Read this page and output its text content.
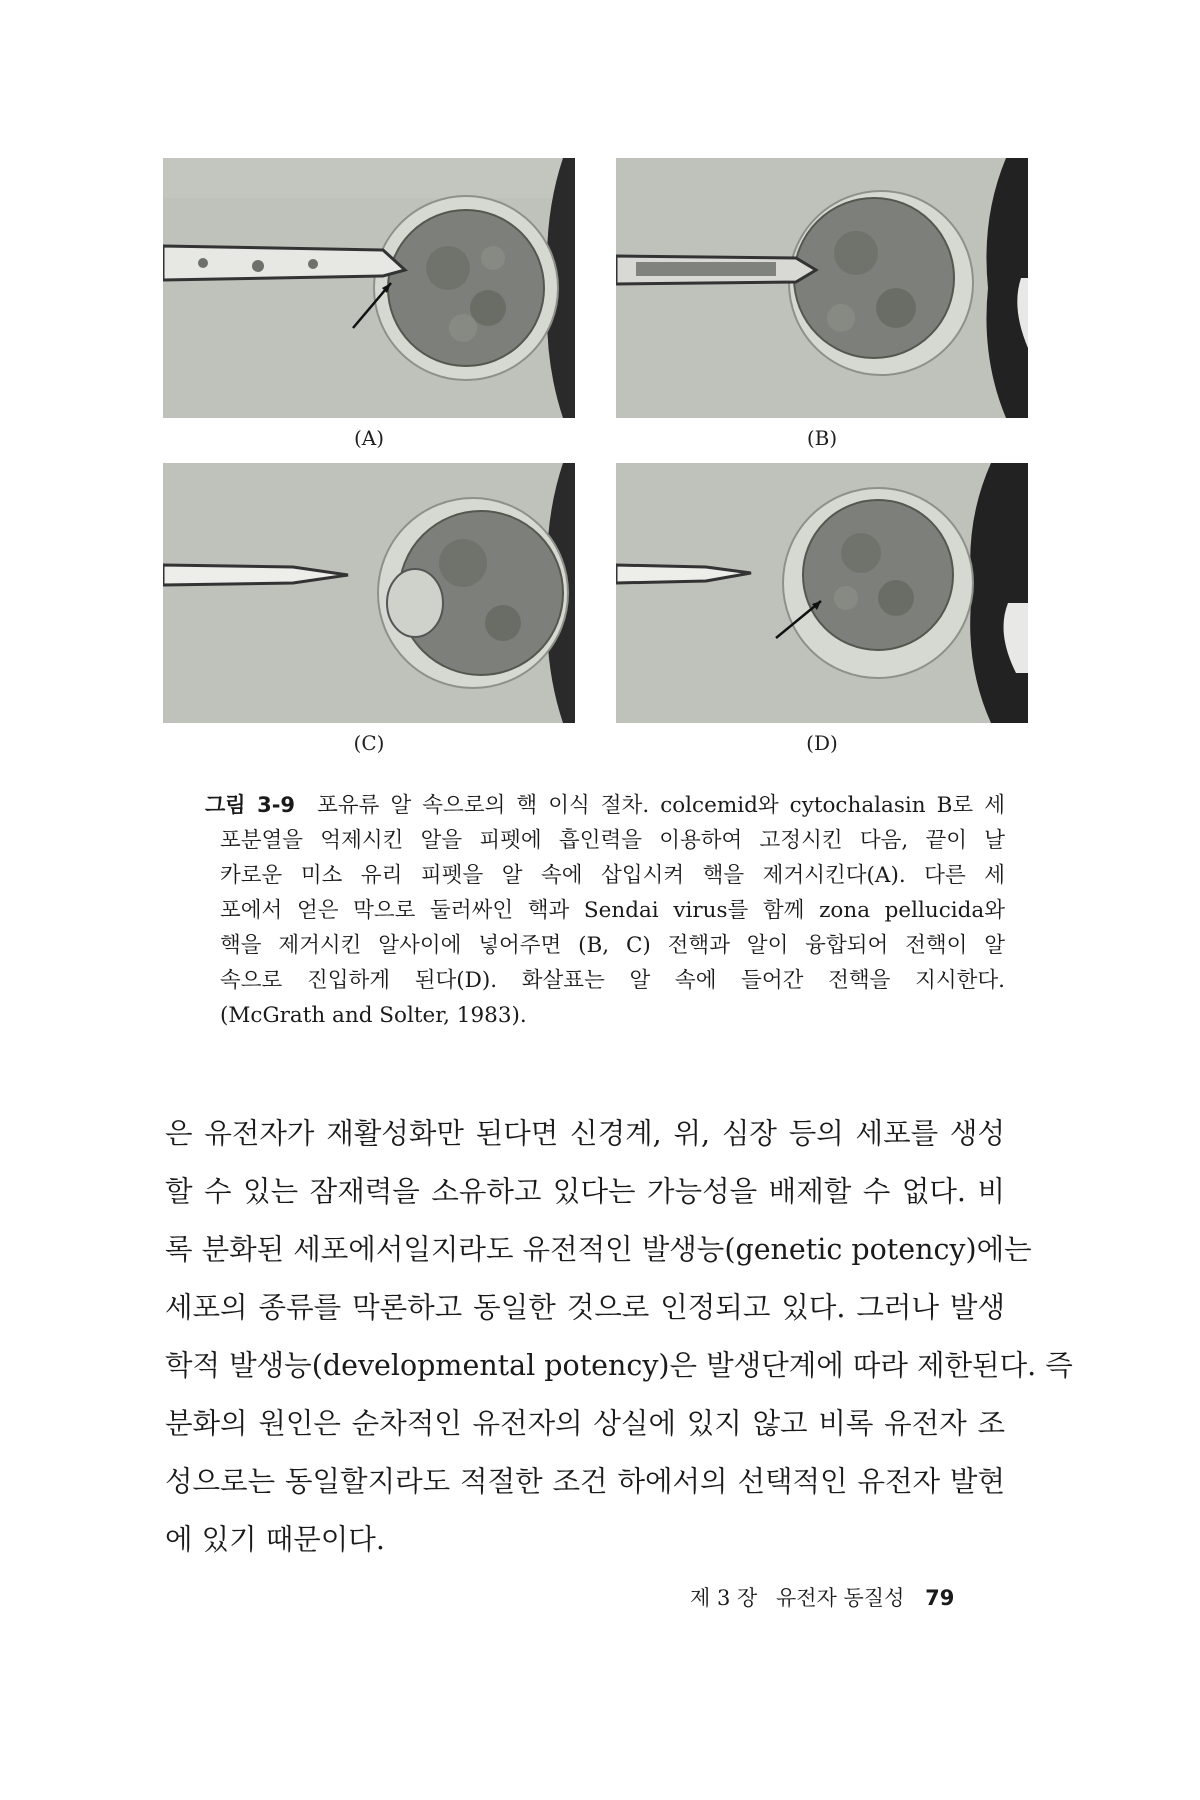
(A)	(B)
(C)	(D)
그림 3-9 포유류 알 속으로의 핵 이식 절차. colcemid와 cytochalasin B로 세
포분열을 억제시킨 알을 피펫에 흡인력을 이용하여 고정시킨 다음, 끝이 날
카로운 미소 유리 피펫을 알 속에 삽입시켜 핵을 제거시킨다(A). 다른 세
포에서 얻은 막으로 둘러싸인 핵과 Sendai virus를 함께 zona pellucida와
핵을 제거시킨 알사이에 넣어주면 (B, C) 전핵과 알이 융합되어 전핵이 알
속으로 진입하게 된다(D). 화살표는 알 속에 들어간 전핵을 지시한다.
(McGrath and Solter, 1983).
은 유전자가 재활성화만 된다면 신경계, 위, 심장 등의 세포를 생성
할 수 있는 잠재력을 소유하고 있다는 가능성을 배제할 수 없다. 비
록 분화된 세포에서일지라도 유전적인 발생능(genetic potency)에는
세포의 종류를 막론하고 동일한 것으로 인정되고 있다. 그러나 발생
학적 발생능(developmental potency)은 발생단계에 따라 제한된다. 즉
분화의 원인은 순차적인 유전자의 상실에 있지 않고 비록 유전자 조
성으로는 동일할지라도 적절한 조건 하에서의 선택적인 유전자 발현
에 있기 때문이다.
제 3 장 유전자 동질성 79
